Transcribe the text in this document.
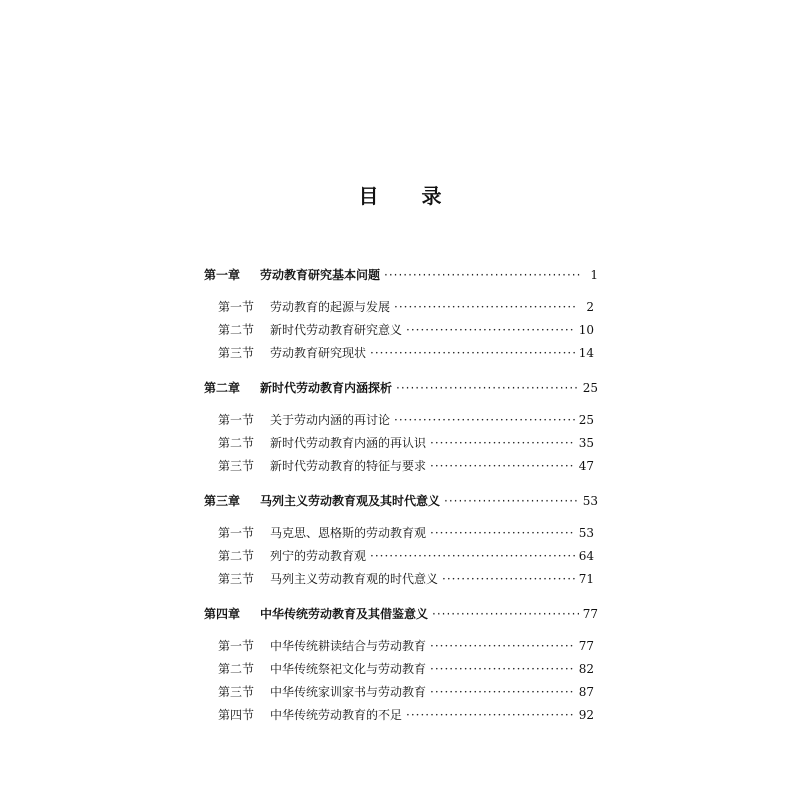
目 录
第一章	劳动教育研究基本问题 ·····	1
第一节	劳动教育的起源与发展 ·····	2
第二节	新时代劳动教育研究意义 ·····	10
第三节	劳动教育研究现状 ·····	14
第二章	新时代劳动教育内涵探析 ·····	25
第一节	关于劳动内涵的再讨论 ·····	25
第二节	新时代劳动教育内涵的再认识 ·····	35
第三节	新时代劳动教育的特征与要求 ·····	47
第三章	马列主义劳动教育观及其时代意义 ·····	53
第一节	马克思、恩格斯的劳动教育观 ·····	53
第二节	列宁的劳动教育观 ·····	64
第三节	马列主义劳动教育观的时代意义 ·····	71
第四章	中华传统劳动教育及其借鉴意义 ·····	77
第一节	中华传统耕读结合与劳动教育 ·····	77
第二节	中华传统祭祀文化与劳动教育 ·····	82
第三节	中华传统家训家书与劳动教育 ·····	87
第四节	中华传统劳动教育的不足 ·····	92
